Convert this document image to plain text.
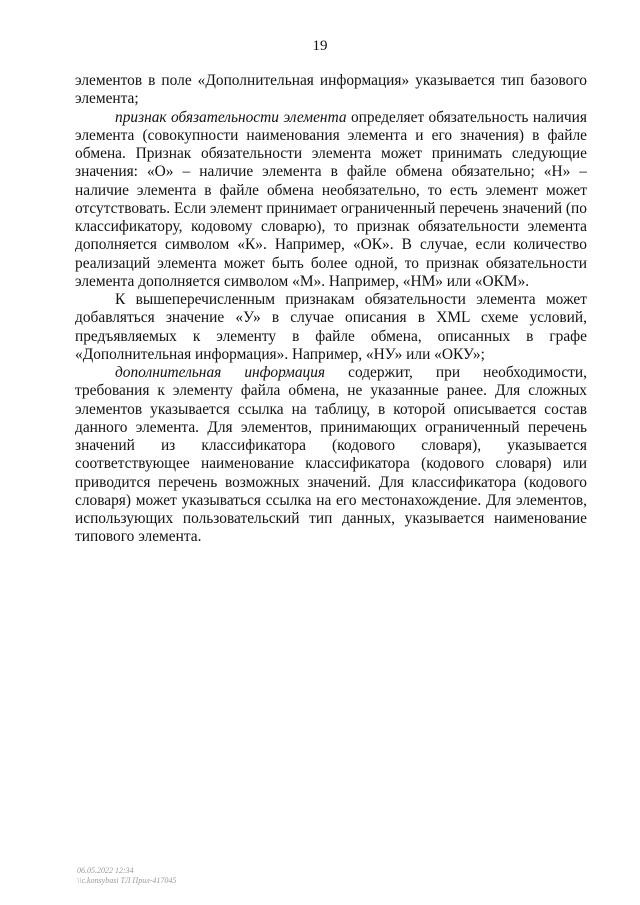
19

элементов в поле «Дополнительная информация» указывается тип базового элемента;

признак обязательности элемента определяет обязательность наличия элемента (совокупности наименования элемента и его значения) в файле обмена. Признак обязательности элемента может принимать следующие значения: «О» – наличие элемента в файле обмена обязательно; «Н» – наличие элемента в файле обмена необязательно, то есть элемент может отсутствовать. Если элемент принимает ограниченный перечень значений (по классификатору, кодовому словарю), то признак обязательности элемента дополняется символом «К». Например, «ОК». В случае, если количество реализаций элемента может быть более одной, то признак обязательности элемента дополняется символом «М». Например, «НМ» или «ОКМ».

К вышеперечисленным признакам обязательности элемента может добавляться значение «У» в случае описания в XML схеме условий, предъявляемых к элементу в файле обмена, описанных в графе «Дополнительная информация». Например, «НУ» или «ОКУ»;

дополнительная информация содержит, при необходимости, требования к элементу файла обмена, не указанные ранее. Для сложных элементов указывается ссылка на таблицу, в которой описывается состав данного элемента. Для элементов, принимающих ограниченный перечень значений из классификатора (кодового словаря), указывается соответствующее наименование классификатора (кодового словаря) или приводится перечень возможных значений. Для классификатора (кодового словаря) может указываться ссылка на его местонахождение. Для элементов, использующих пользовательский тип данных, указывается наименование типового элемента.

06.05.2022 12:34
\\c.konsybasi ТЛ Прил-417045
